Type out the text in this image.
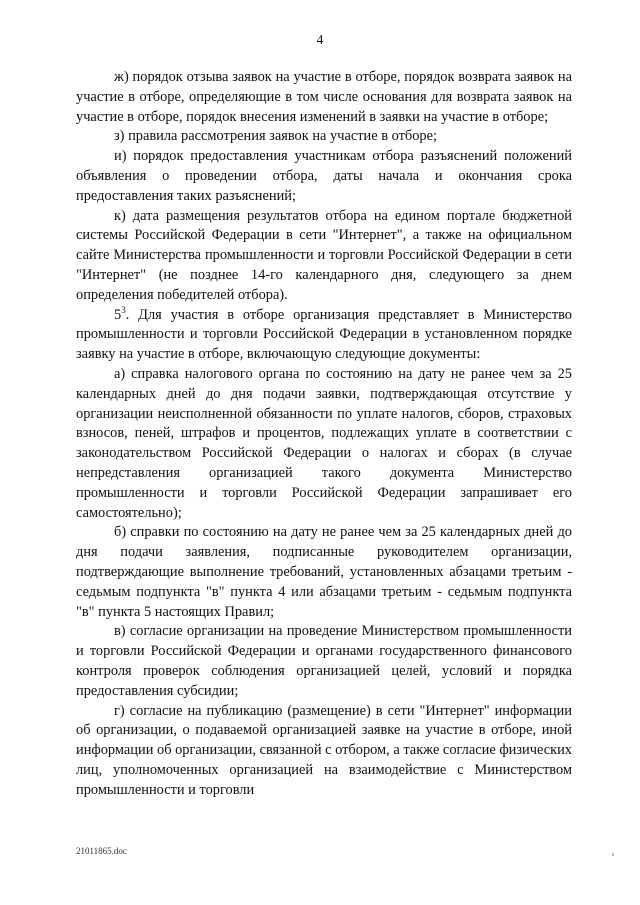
4

ж) порядок отзыва заявок на участие в отборе, порядок возврата заявок на участие в отборе, определяющие в том числе основания для возврата заявок на участие в отборе, порядок внесения изменений в заявки на участие в отборе;

з) правила рассмотрения заявок на участие в отборе;

и) порядок предоставления участникам отбора разъяснений положений объявления о проведении отбора, даты начала и окончания срока предоставления таких разъяснений;

к) дата размещения результатов отбора на едином портале бюджетной системы Российской Федерации в сети "Интернет", а также на официальном сайте Министерства промышленности и торговли Российской Федерации в сети "Интернет" (не позднее 14-го календарного дня, следующего за днем определения победителей отбора).

$5^3$. Для участия в отборе организация представляет в Министерство промышленности и торговли Российской Федерации в установленном порядке заявку на участие в отборе, включающую следующие документы:

а) справка налогового органа по состоянию на дату не ранее чем за 25 календарных дней до дня подачи заявки, подтверждающая отсутствие у организации неисполненной обязанности по уплате налогов, сборов, страховых взносов, пеней, штрафов и процентов, подлежащих уплате в соответствии с законодательством Российской Федерации о налогах и сборах (в случае непредставления организацией такого документа Министерство промышленности и торговли Российской Федерации запрашивает его самостоятельно);

б) справки по состоянию на дату не ранее чем за 25 календарных дней до дня подачи заявления, подписанные руководителем организации, подтверждающие выполнение требований, установленных абзацами третьим - седьмым подпункта "в" пункта 4 или абзацами третьим - седьмым подпункта "в" пункта 5 настоящих Правил;

в) согласие организации на проведение Министерством промышленности и торговли Российской Федерации и органами государственного финансового контроля проверок соблюдения организацией целей, условий и порядка предоставления субсидии;

г) согласие на публикацию (размещение) в сети "Интернет" информации об организации, о подаваемой организацией заявке на участие в отборе, иной информации об организации, связанной с отбором, а также согласие физических лиц, уполномоченных организацией на взаимодействие с Министерством промышленности и торговли

21011865.doc
